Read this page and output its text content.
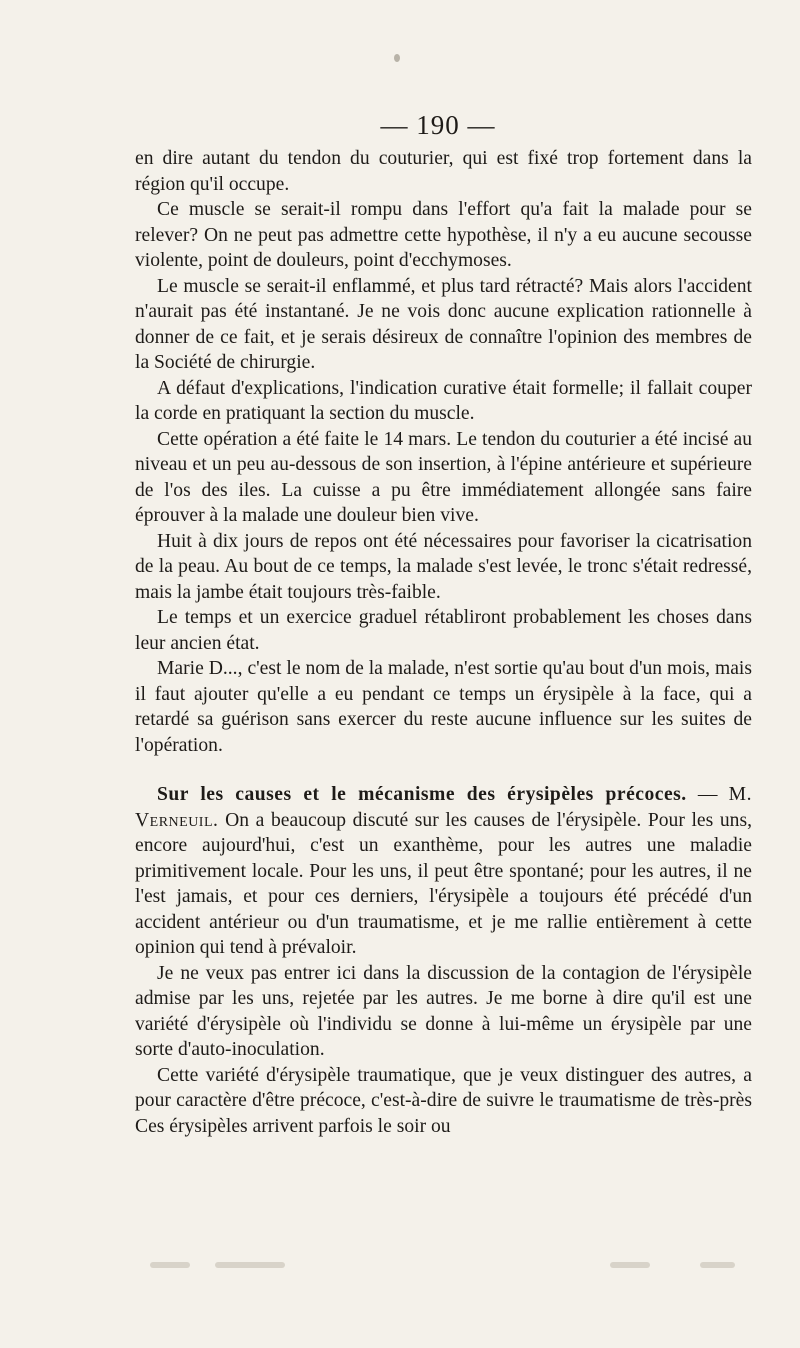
— 190 —

en dire autant du tendon du couturier, qui est fixé trop fortement dans la région qu'il occupe.

Ce muscle se serait-il rompu dans l'effort qu'a fait la malade pour se relever? On ne peut pas admettre cette hypothèse, il n'y a eu aucune secousse violente, point de douleurs, point d'ecchymoses.

Le muscle se serait-il enflammé, et plus tard rétracté? Mais alors l'accident n'aurait pas été instantané. Je ne vois donc aucune explication rationnelle à donner de ce fait, et je serais désireux de connaître l'opinion des membres de la Société de chirurgie.

A défaut d'explications, l'indication curative était formelle; il fallait couper la corde en pratiquant la section du muscle.

Cette opération a été faite le 14 mars. Le tendon du couturier a été incisé au niveau et un peu au-dessous de son insertion, à l'épine antérieure et supérieure de l'os des iles. La cuisse a pu être immédiatement allongée sans faire éprouver à la malade une douleur bien vive.

Huit à dix jours de repos ont été nécessaires pour favoriser la cicatrisation de la peau. Au bout de ce temps, la malade s'est levée, le tronc s'était redressé, mais la jambe était toujours très-faible.

Le temps et un exercice graduel rétabliront probablement les choses dans leur ancien état.

Marie D..., c'est le nom de la malade, n'est sortie qu'au bout d'un mois, mais il faut ajouter qu'elle a eu pendant ce temps un érysipèle à la face, qui a retardé sa guérison sans exercer du reste aucune influence sur les suites de l'opération.

Sur les causes et le mécanisme des érysipèles précoces. — M. Verneuil. On a beaucoup discuté sur les causes de l'érysipèle. Pour les uns, encore aujourd'hui, c'est un exanthème, pour les autres une maladie primitivement locale. Pour les uns, il peut être spontané; pour les autres, il ne l'est jamais, et pour ces derniers, l'érysipèle a toujours été précédé d'un accident antérieur ou d'un traumatisme, et je me rallie entièrement à cette opinion qui tend à prévaloir.

Je ne veux pas entrer ici dans la discussion de la contagion de l'érysipèle admise par les uns, rejetée par les autres. Je me borne à dire qu'il est une variété d'érysipèle où l'individu se donne à lui-même un érysipèle par une sorte d'auto-inoculation.

Cette variété d'érysipèle traumatique, que je veux distinguer des autres, a pour caractère d'être précoce, c'est-à-dire de suivre le traumatisme de très-près Ces érysipèles arrivent parfois le soir ou
